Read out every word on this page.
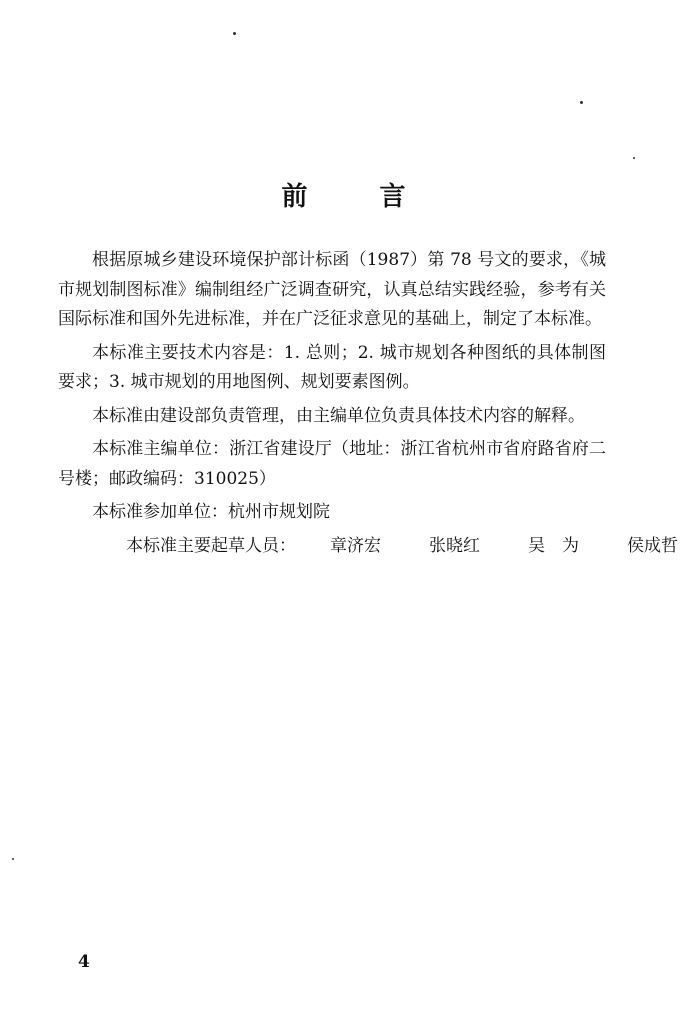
前	言

根据原城乡建设环境保护部计标函（1987）第 78 号文的要求，《城市规划制图标准》编制组经广泛调查研究，认真总结实践经验，参考有关国际标准和国外先进标准，并在广泛征求意见的基础上，制定了本标准。

本标准主要技术内容是：1. 总则；2. 城市规划各种图纸的具体制图要求；3. 城市规划的用地图例、规划要素图例。

本标准由建设部负责管理，由主编单位负责具体技术内容的解释。

本标准主编单位：浙江省建设厅（地址：浙江省杭州市省府路省府二号楼；邮政编码：310025）

本标准参加单位：杭州市规划院

本标准主要起草人员： 章济宏	张晓红	吴　为	侯成哲

4
